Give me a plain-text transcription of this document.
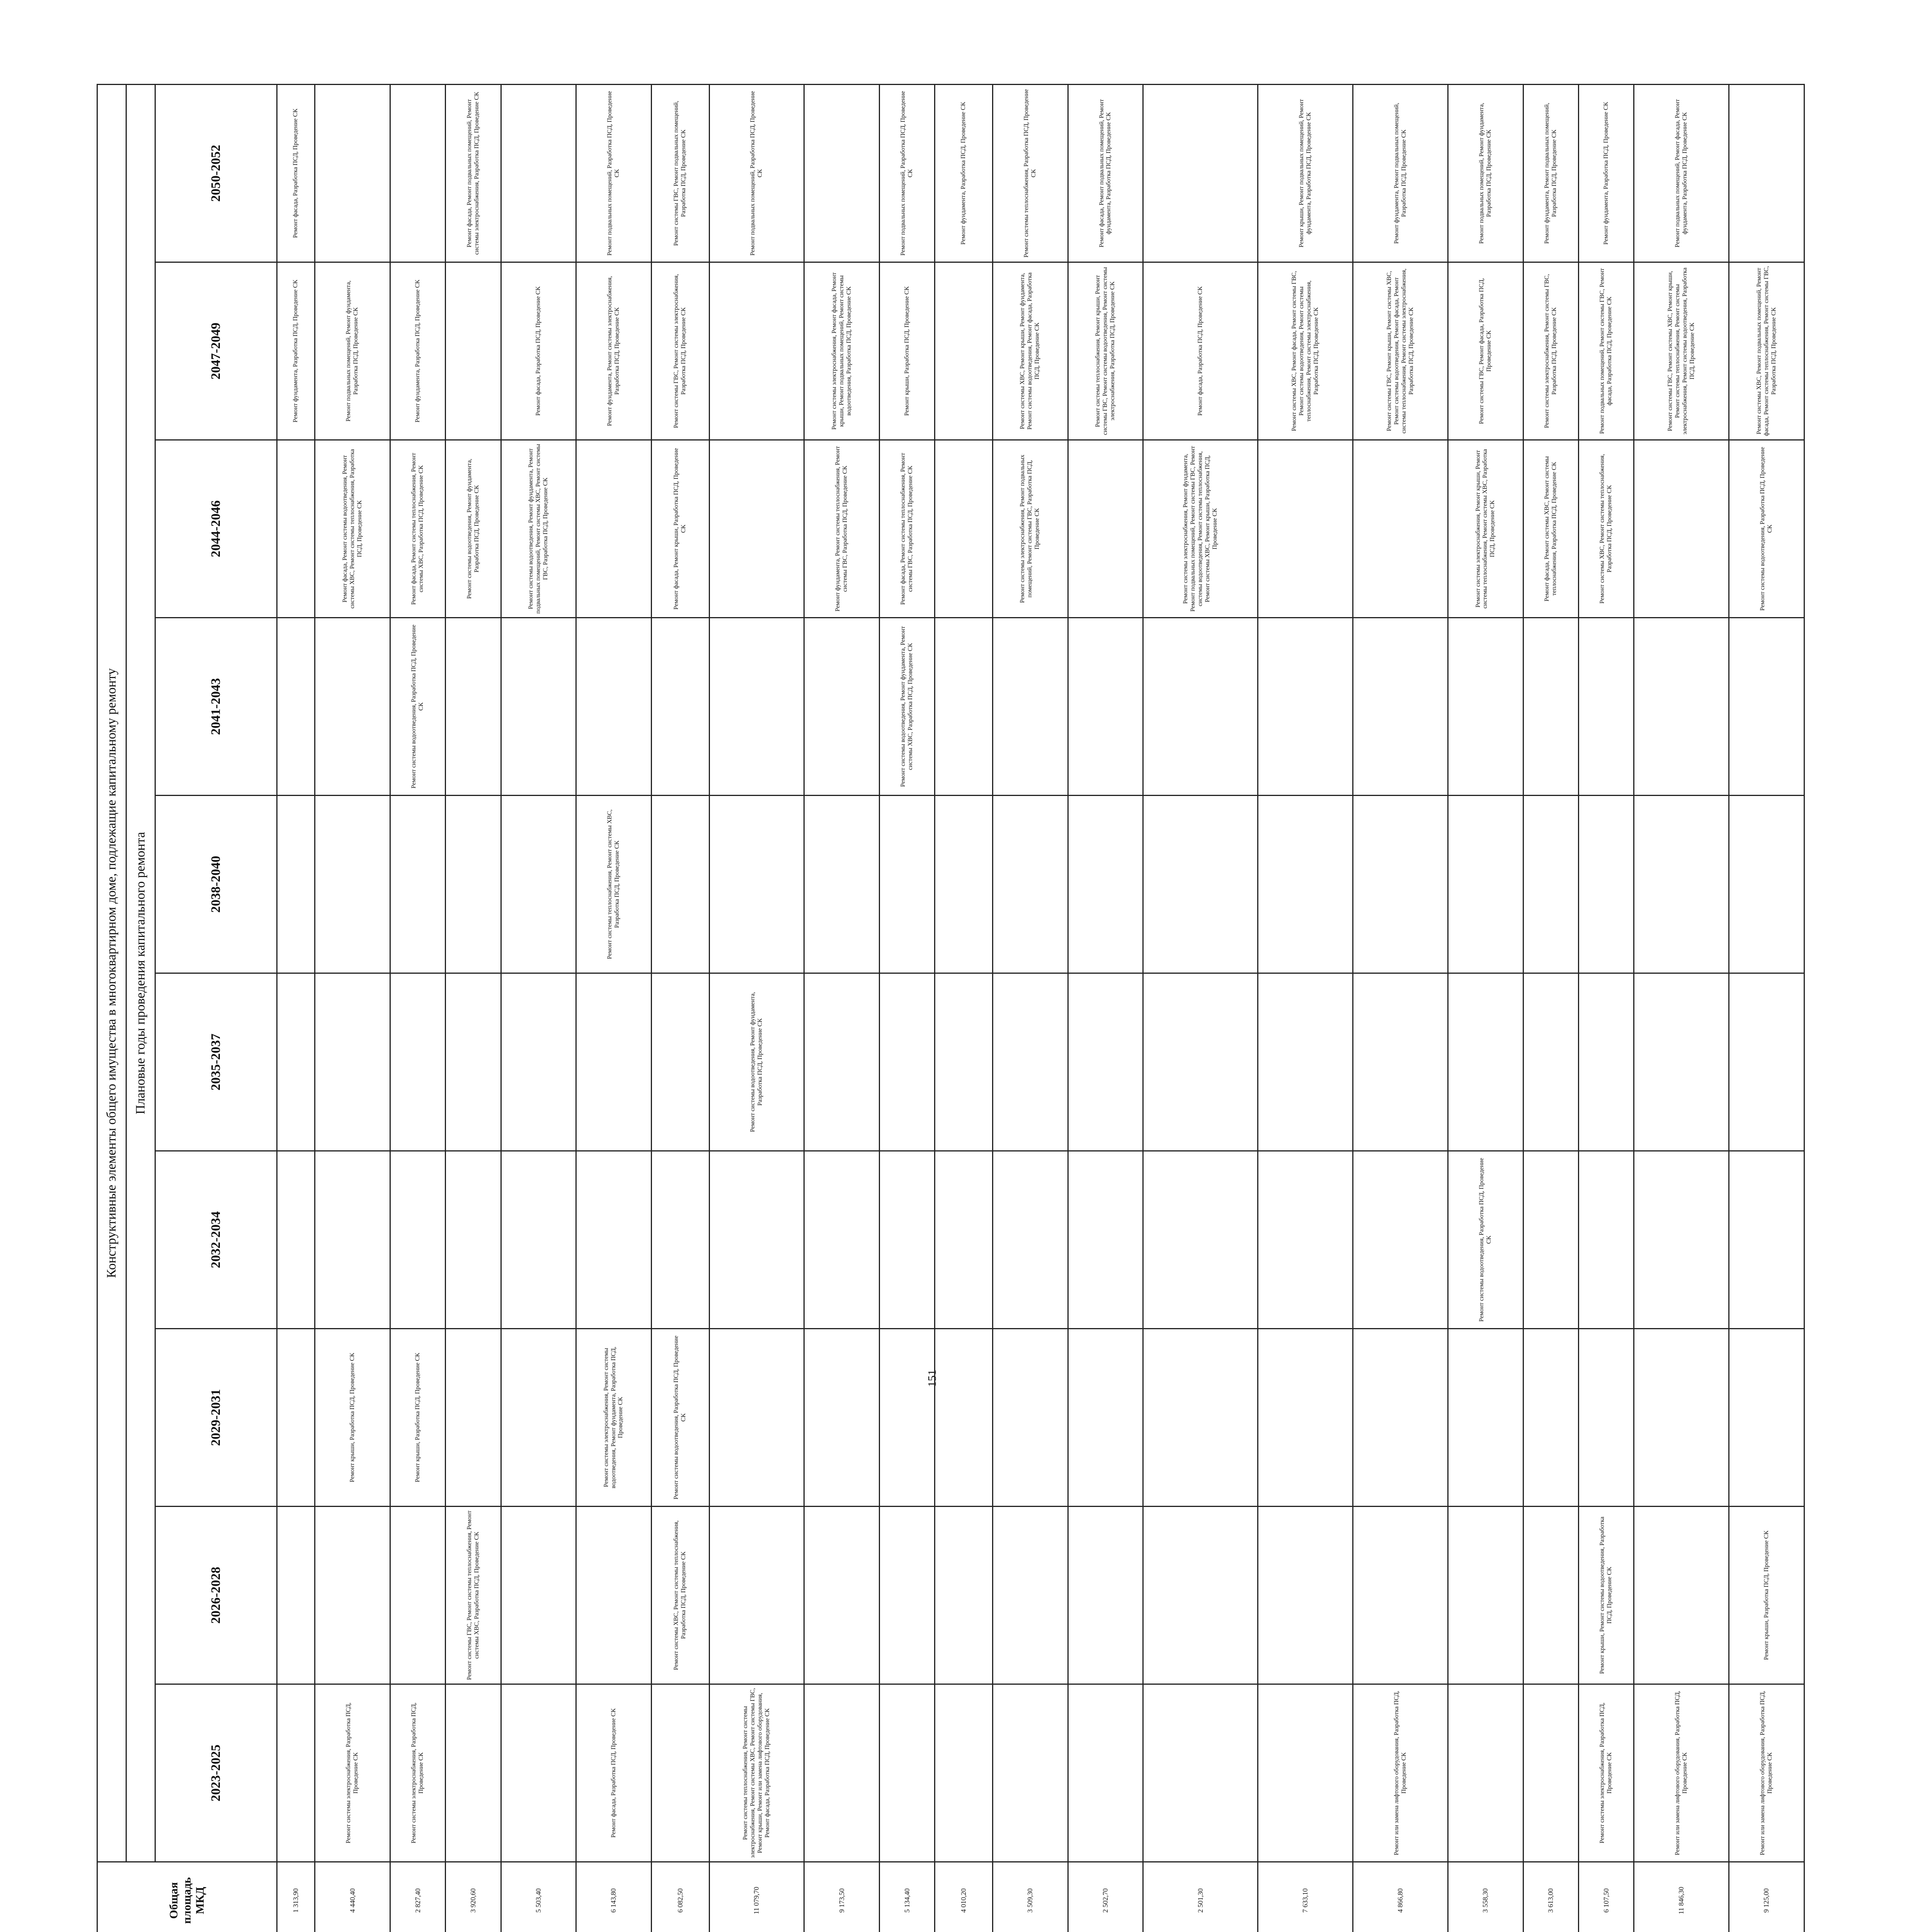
151
								Общая площадь МКД	Конструктивные элементы общего имущества в многоквартирном доме, подлежащие капитальному ремонту									
									Плановые годы проведения капитального ремонта									
									2023-2025	2026-2028	2029-2031	2032-2034	2035-2037	2038-2040	2041-2043	2044-2046	2047-2049	2050-2052
								1 313,90									Ремонт фундамента, Разработка ПСД, Проведение СК	Ремонт фасада, Разработка ПСД, Проведение СК
								4 440,40	Ремонт системы электроснабжения, Разработка ПСД, Проведение СК		Ремонт крыши, Разработка ПСД, Проведение СК					Ремонт фасада, Ремонт системы водоотведения, Ремонт системы ХВС, Ремонт системы теплоснабжения, Разработка ПСД, Проведение СК	Ремонт подвальных помещений, Ремонт фундамента, Разработка ПСД, Проведение СК	
								2 827,40	Ремонт системы электроснабжения, Разработка ПСД, Проведение СК		Ремонт крыши, Разработка ПСД, Проведение СК				Ремонт системы водоотведения, Разработка ПСД, Проведение СК	Ремонт фасада, Ремонт системы теплоснабжения, Ремонт системы ХВС, Разработка ПСД, Проведение СК	Ремонт фундамента, Разработка ПСД, Проведение СК	
								3 920,60		Ремонт системы ГВС, Ремонт системы теплоснабжения, Ремонт системы ХВС, Разработка ПСД, Проведение СК						Ремонт системы водоотведения, Ремонт фундамента, Разработка ПСД, Проведение СК		Ремонт фасада, Ремонт подвальных помещений, Ремонт системы электроснабжения, Разработка ПСД, Проведение СК
								5 503,40								Ремонт системы водоотведения, Ремонт фундамента, Ремонт подвальных помещений, Ремонт системы ХВС, Ремонт системы ГВС, Разработка ПСД, Проведение СК	Ремонт фасада, Разработка ПСД, Проведение СК	
								6 143,80	Ремонт фасада, Разработка ПСД, Проведение СК		Ремонт системы электроснабжения, Ремонт системы водоотведения, Ремонт фундамента, Разработка ПСД, Проведение СК			Ремонт системы теплоснабжения, Ремонт системы ХВС, Разработка ПСД, Проведение СК			Ремонт фундамента, Ремонт системы электроснабжения, Разработка ПСД, Проведение СК	Ремонт подвальных помещений, Разработка ПСД, Проведение СК
								6 082,50		Ремонт системы ХВС, Ремонт системы теплоснабжения, Разработка ПСД, Проведение СК	Ремонт системы водоотведения, Разработка ПСД, Проведение СК					Ремонт фасада, Ремонт крыши, Разработка ПСД, Проведение СК	Ремонт системы ГВС, Ремонт системы электроснабжения, Разработка ПСД, Проведение СК	Ремонт системы ГВС, Ремонт подвальных помещений, Разработка ПСД, Проведение СК
								11 079,70	Ремонт системы теплоснабжения, Ремонт системы электроснабжения, Ремонт системы ХВС, Ремонт системы ГВС, Ремонт крыши, Ремонт или замена лифтового оборудования, Ремонт фасада, Разработка ПСД, Проведение СК				Ремонт системы водоотведения, Ремонт фундамента, Разработка ПСД, Проведение СК					Ремонт подвальных помещений, Разработка ПСД, Проведение СК
								9 173,50								Ремонт фундамента, Ремонт системы теплоснабжения, Ремонт системы ГВС, Разработка ПСД, Проведение СК	Ремонт системы электроснабжения, Ремонт фасада, Ремонт крыши, Ремонт подвальных помещений, Ремонт системы водоотведения, Разработка ПСД, Проведение СК	
								5 134,40							Ремонт системы водоотведения, Ремонт фундамента, Ремонт системы ХВС, Разработка ПСД, Проведение СК	Ремонт фасада, Ремонт системы теплоснабжения, Ремонт системы ГВС, Разработка ПСД, Проведение СК	Ремонт крыши, Разработка ПСД, Проведение СК	Ремонт подвальных помещений, Разработка ПСД, Проведение СК
								4 010,20										Ремонт фундамента, Разработка ПСД, Проведение СК
								3 509,30								Ремонт системы электроснабжения, Ремонт подвальных помещений, Ремонт системы ГВС, Разработка ПСД, Проведение СК	Ремонт системы ХВС, Ремонт крыши, Ремонт фундамента, Ремонт системы водоотведения, Ремонт фасада, Разработка ПСД, Проведение СК	Ремонт системы теплоснабжения, Разработка ПСД, Проведение СК
								2 502,70									Ремонт системы теплоснабжения, Ремонт крыши, Ремонт системы ГВС, Ремонт системы водоотведения, Ремонт системы электроснабжения, Разработка ПСД, Проведение СК	Ремонт фасада, Ремонт подвальных помещений, Ремонт фундамента, Разработка ПСД, Проведение СК
								2 501,30								Ремонт системы электроснабжения, Ремонт фундамента, Ремонт подвальных помещений, Ремонт системы ГВС, Ремонт системы водоотведения, Ремонт системы теплоснабжения, Ремонт системы ХВС, Ремонт крыши, Разработка ПСД, Проведение СК	Ремонт фасада, Разработка ПСД, Проведение СК	
								7 633,10									Ремонт системы ХВС, Ремонт фасада, Ремонт системы ГВС, Ремонт системы водоотведения, Ремонт системы теплоснабжения, Ремонт системы электроснабжения, Разработка ПСД, Проведение СК	Ремонт крыши, Ремонт подвальных помещений, Ремонт фундамента, Разработка ПСД, Проведение СК
								4 866,80	Ремонт или замена лифтового оборудования, Разработка ПСД, Проведение СК								Ремонт системы ГВС, Ремонт крыши, Ремонт системы ХВС, Ремонт системы водоотведения, Ремонт фасада, Ремонт системы теплоснабжения, Ремонт системы электроснабжения, Разработка ПСД, Проведение СК	Ремонт фундамента, Ремонт подвальных помещений, Разработка ПСД, Проведение СК
								3 558,30				Ремонт системы водоотведения, Разработка ПСД, Проведение СК				Ремонт системы электроснабжения, Ремонт крыши, Ремонт системы теплоснабжения, Ремонт системы ХВС, Разработка ПСД, Проведение СК	Ремонт системы ГВС, Ремонт фасада, Разработка ПСД, Проведение СК	Ремонт подвальных помещений, Ремонт фундамента, Разработка ПСД, Проведение СК
								3 613,00								Ремонт фасада, Ремонт системы ХВС, Ремонт системы теплоснабжения, Разработка ПСД, Проведение СК	Ремонт системы электроснабжения, Ремонт системы ГВС, Разработка ПСД, Проведение СК	Ремонт фундамента, Ремонт подвальных помещений, Разработка ПСД, Проведение СК
								6 107,50	Ремонт системы электроснабжения, Разработка ПСД, Проведение СК	Ремонт крыши, Ремонт системы водоотведения, Разработка ПСД, Проведение СК						Ремонт системы ХВС, Ремонт системы теплоснабжения, Разработка ПСД, Проведение СК	Ремонт подвальных помещений, Ремонт системы ГВС, Ремонт фасада, Разработка ПСД, Проведение СК	Ремонт фундамента, Разработка ПСД, Проведение СК
								11 846,30	Ремонт или замена лифтового оборудования, Разработка ПСД, Проведение СК								Ремонт системы ГВС, Ремонт системы ХВС, Ремонт крыши, Ремонт системы теплоснабжения, Ремонт системы электроснабжения, Ремонт системы водоотведения, Разработка ПСД, Проведение СК	Ремонт подвальных помещений, Ремонт фасада, Ремонт фундамента, Разработка ПСД, Проведение СК
								9 125,00	Ремонт или замена лифтового оборудования, Разработка ПСД, Проведение СК	Ремонт крыши, Разработка ПСД, Проведение СК						Ремонт системы водоотведения, Разработка ПСД, Проведение СК	Ремонт системы ХВС, Ремонт подвальных помещений, Ремонт фасада, Ремонт системы теплоснабжения, Ремонт системы ГВС, Разработка ПСД, Проведение СК	
